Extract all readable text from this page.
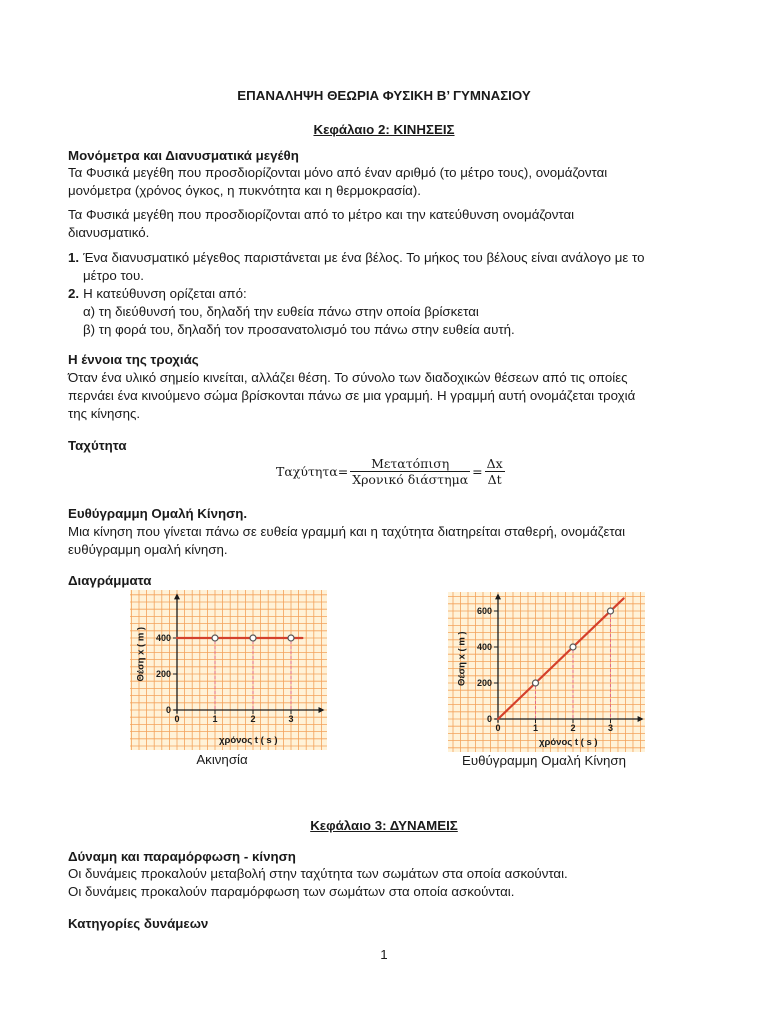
ΕΠΑΝΑΛΗΨΗ ΘΕΩΡΙΑ ΦΥΣΙΚΗ Β’ ΓΥΜΝΑΣΙΟΥ
Κεφάλαιο 2: ΚΙΝΗΣΕΙΣ
Μονόμετρα και Διανυσματικά μεγέθη
Τα Φυσικά μεγέθη που προσδιορίζονται μόνο από έναν αριθμό (το μέτρο τους), ονομάζονται
μονόμετρα (χρόνος όγκος, η πυκνότητα και η θερμοκρασία).
Τα Φυσικά μεγέθη που προσδιορίζονται από το μέτρο και την κατεύθυνση ονομάζονται
διανυσματικό.
1. Ένα διανυσματικό μέγεθος παριστάνεται με ένα βέλος. Το μήκος του βέλους είναι ανάλογο με το
μέτρο του.
2. Η κατεύθυνση ορίζεται από:
α) τη διεύθυνσή του, δηλαδή την ευθεία πάνω στην οποία βρίσκεται
β) τη φορά του, δηλαδή τον προσανατολισμό του πάνω στην ευθεία αυτή.
Η έννοια της τροχιάς
Όταν ένα υλικό σημείο κινείται, αλλάζει θέση. Το σύνολο των διαδοχικών θέσεων από τις οποίες
περνάει ένα κινούμενο σώμα βρίσκονται πάνω σε μια γραμμή. Η γραμμή αυτή ονομάζεται τροχιά
της κίνησης.
Ταχύτητα
$T\alpha\chi ύ\tau\eta\tau\alpha= \frac{\text{Μετατόπιση}}{\text{Χρονικό διάστημα}} = \frac{\Delta x}{\Delta t}$
Ευθύγραμμη Ομαλή Κίνηση.
Μια κίνηση που γίνεται πάνω σε ευθεία γραμμή και η ταχύτητα διατηρείται σταθερή, ονομάζεται
ευθύγραμμη ομαλή κίνηση.
Διαγράμματα
0
200
400
0	1	2	3
χρόνος t ( s )
Θέση x ( m )
0
200
400
600
0	1	2	3
χρόνος t ( s )
Θέση x ( m )
Ακινησία	Ευθύγραμμη Ομαλή Κίνηση
Κεφάλαιο 3: ΔΥΝΑΜΕΙΣ
Δύναμη και παραμόρφωση - κίνηση
Οι δυνάμεις προκαλούν μεταβολή στην ταχύτητα των σωμάτων στα οποία ασκούνται.
Οι δυνάμεις προκαλούν παραμόρφωση των σωμάτων στα οποία ασκούνται.
Κατηγορίες δυνάμεων
1
